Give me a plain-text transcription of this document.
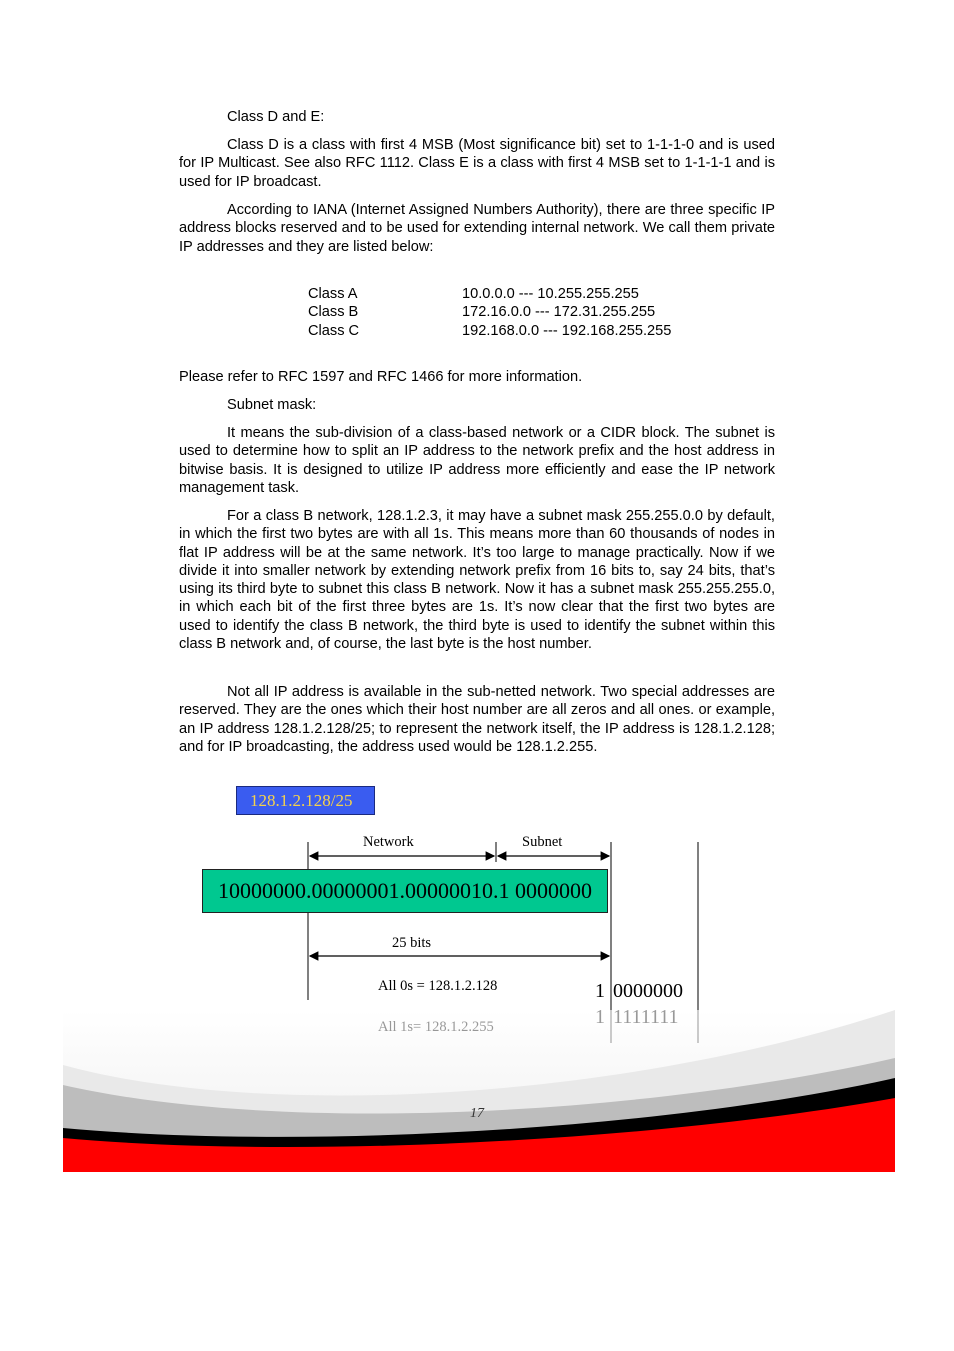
Class D and E:

Class D is a class with first 4 MSB (Most significance bit) set to 1-1-1-0 and is used for IP Multicast. See also RFC 1112. Class E is a class with first 4 MSB set to 1-1-1-1 and is used for IP broadcast.

According to IANA (Internet Assigned Numbers Authority), there are three specific IP address blocks reserved and to be used for extending internal network. We call them private IP addresses and they are listed below:

Class A	10.0.0.0 --- 10.255.255.255
Class B	172.16.0.0 --- 172.31.255.255
Class C	192.168.0.0 --- 192.168.255.255

Please refer to RFC 1597 and RFC 1466 for more information.

Subnet mask:

It means the sub-division of a class-based network or a CIDR block. The subnet is used to determine how to split an IP address to the network prefix and the host address in bitwise basis. It is designed to utilize IP address more efficiently and ease the IP network management task.

For a class B network, 128.1.2.3, it may have a subnet mask 255.255.0.0 by default, in which the first two bytes are with all 1s. This means more than 60 thousands of nodes in flat IP address will be at the same network. It’s too large to manage practically. Now if we divide it into smaller network by extending network prefix from 16 bits to, say 24 bits, that’s using its third byte to subnet this class B network. Now it has a subnet mask 255.255.255.0, in which each bit of the first three bytes are 1s. It’s now clear that the first two bytes are used to identify the class B network, the third byte is used to identify the subnet within this class B network and, of course, the last byte is the host number.

Not all IP address is available in the sub-netted network. Two special addresses are reserved. They are the ones which their host number are all zeros and all ones. or example, an IP address 128.1.2.128/25; to represent the network itself, the IP address is 128.1.2.128; and for IP broadcasting, the address used would be 128.1.2.255.

128.1.2.128/25
Network	Subnet
10000000.00000001.00000010.1 0000000
25 bits
All 0s = 128.1.2.128	1 0000000
17
